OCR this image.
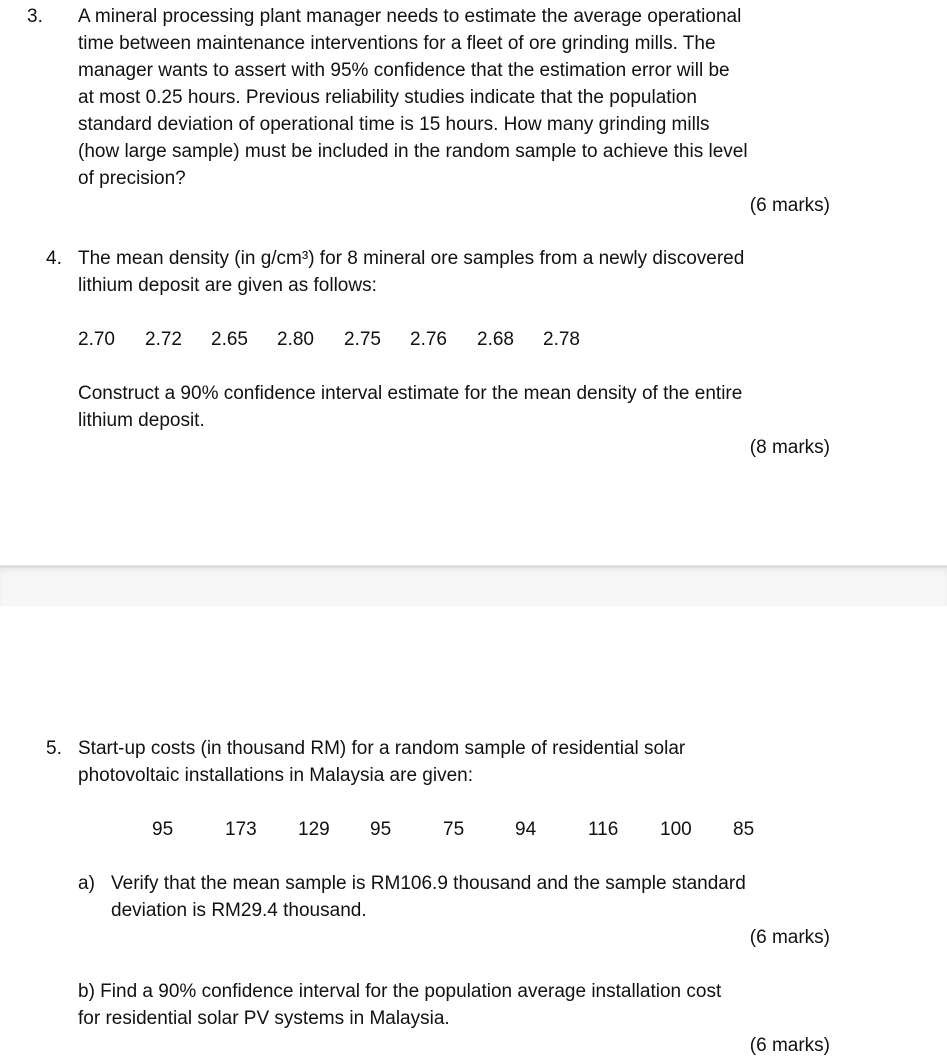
3. A mineral processing plant manager needs to estimate the average operational
time between maintenance interventions for a fleet of ore grinding mills. The
manager wants to assert with 95% confidence that the estimation error will be
at most 0.25 hours. Previous reliability studies indicate that the population
standard deviation of operational time is 15 hours. How many grinding mills
(how large sample) must be included in the random sample to achieve this level
of precision?
(6 marks)
4. The mean density (in g/cm³) for 8 mineral ore samples from a newly discovered
lithium deposit are given as follows:
2.70 2.72 2.65 2.80 2.75 2.76 2.68 2.78
Construct a 90% confidence interval estimate for the mean density of the entire
lithium deposit.
(8 marks)
5. Start-up costs (in thousand RM) for a random sample of residential solar
photovoltaic installations in Malaysia are given:
95	173 129 95	75	94	116 100 85
a) Verify that the mean sample is RM106.9 thousand and the sample standard
deviation is RM29.4 thousand.
(6 marks)
b) Find a 90% confidence interval for the population average installation cost
for residential solar PV systems in Malaysia.
(6 marks)
